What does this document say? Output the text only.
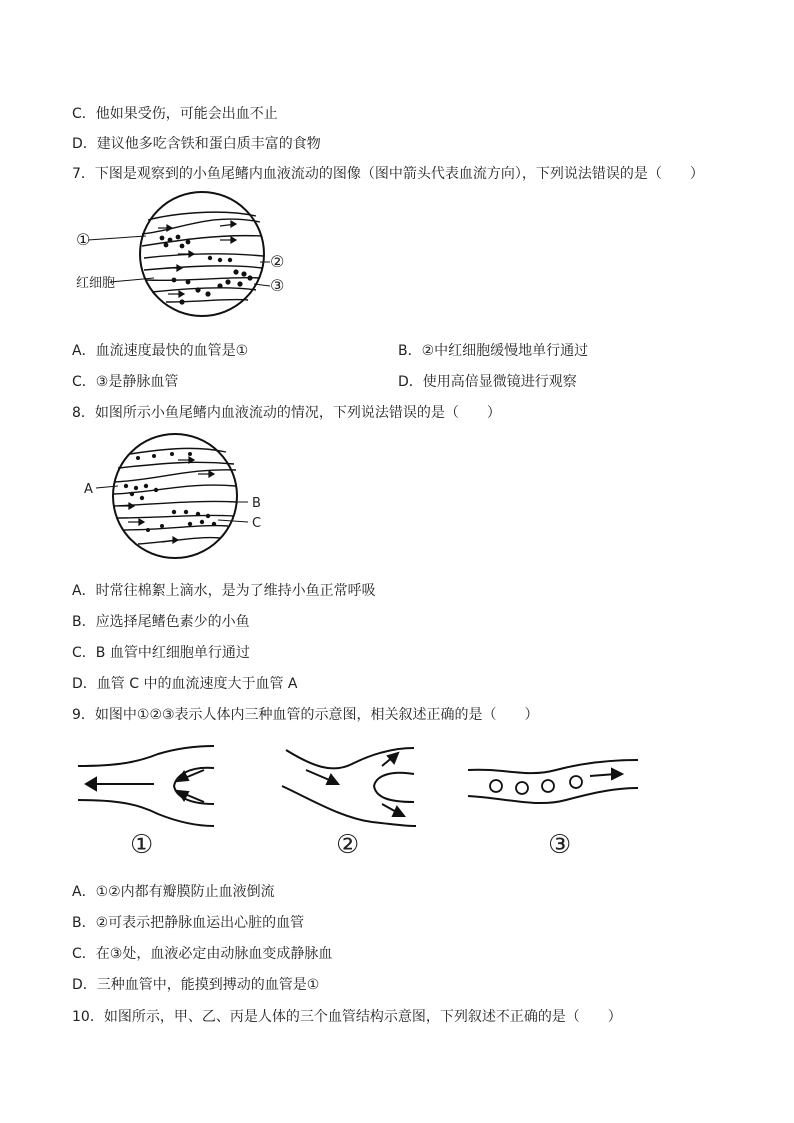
C．他如果受伤，可能会出血不止
D．建议他多吃含铁和蛋白质丰富的食物
7．下图是观察到的小鱼尾鳍内血液流动的图像（图中箭头代表血流方向），下列说法错误的是（　　）
①
②
红细胞	③
A．血流速度最快的血管是①	B．②中红细胞缓慢地单行通过
C．③是静脉血管	D．使用高倍显微镜进行观察
8．如图所示小鱼尾鳍内血液流动的情况，下列说法错误的是（　　）
A
B
C
A．时常往棉絮上滴水，是为了维持小鱼正常呼吸
B．应选择尾鳍色素少的小鱼
C．B 血管中红细胞单行通过
D．血管 C 中的血流速度大于血管 A
9．如图中①②③表示人体内三种血管的示意图，相关叙述正确的是（　　）
①	②	③
A．①②内都有瓣膜防止血液倒流
B．②可表示把静脉血运出心脏的血管
C．在③处，血液必定由动脉血变成静脉血
D．三种血管中，能摸到搏动的血管是①
10．如图所示，甲、乙、丙是人体的三个血管结构示意图，下列叙述不正确的是（　　）
